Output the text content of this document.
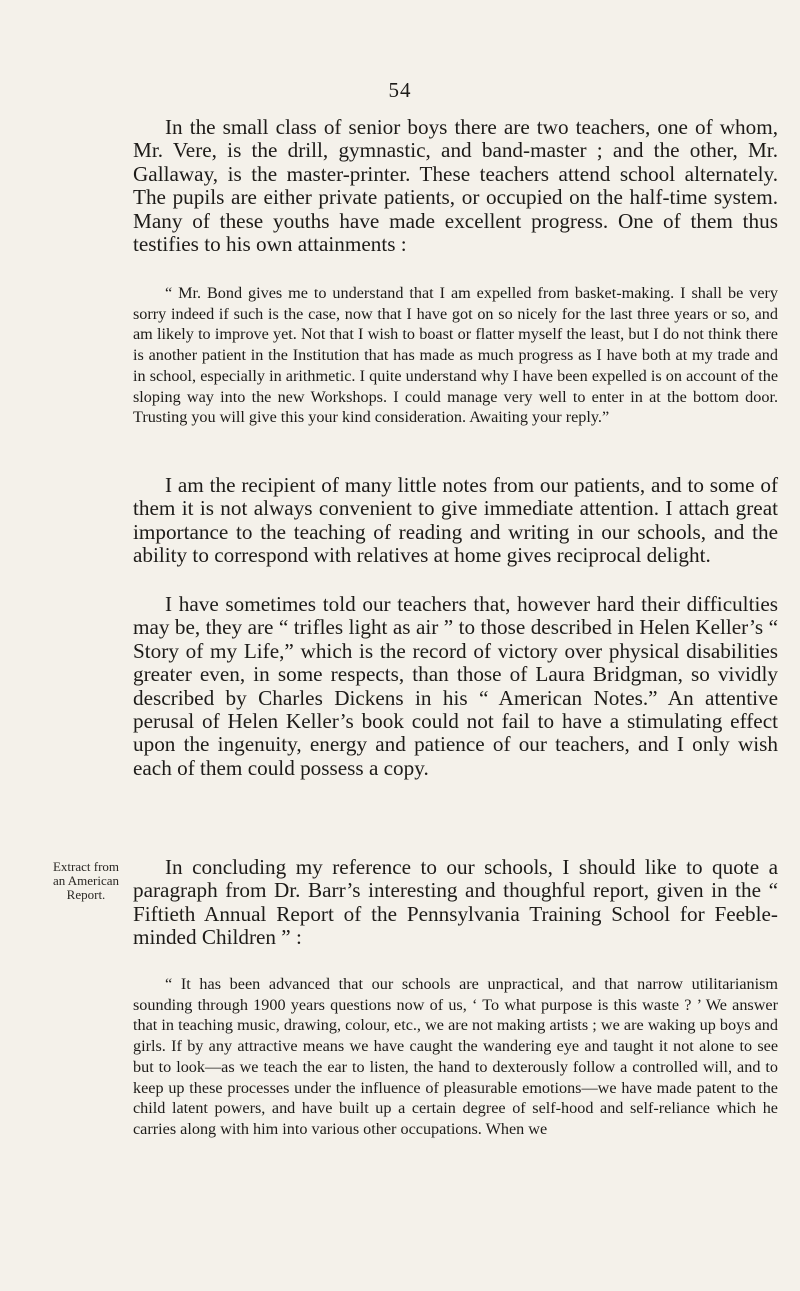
54
Extract from
an American
Report.

In the small class of senior boys there are two teachers, one of whom, Mr. Vere, is the drill, gymnastic, and band-master ; and the other, Mr. Gallaway, is the master-printer. These teachers attend school alternately. The pupils are either private patients, or occupied on the half-time system. Many of these youths have made excellent progress. One of them thus testifies to his own attainments :

“ Mr. Bond gives me to understand that I am expelled from basket-making. I shall be very sorry indeed if such is the case, now that I have got on so nicely for the last three years or so, and am likely to improve yet. Not that I wish to boast or flatter myself the least, but I do not think there is another patient in the Institution that has made as much progress as I have both at my trade and in school, especially in arithmetic. I quite understand why I have been expelled is on account of the sloping way into the new Workshops. I could manage very well to enter in at the bottom door. Trusting you will give this your kind consideration. Awaiting your reply.”

I am the recipient of many little notes from our patients, and to some of them it is not always convenient to give immediate attention. I attach great importance to the teaching of reading and writing in our schools, and the ability to correspond with relatives at home gives reciprocal delight.

I have sometimes told our teachers that, however hard their difficulties may be, they are “ trifles light as air ” to those described in Helen Keller’s “ Story of my Life,” which is the record of victory over physical disabilities greater even, in some respects, than those of Laura Bridgman, so vividly described by Charles Dickens in his “ American Notes.” An attentive perusal of Helen Keller’s book could not fail to have a stimulating effect upon the ingenuity, energy and patience of our teachers, and I only wish each of them could possess a copy.

In concluding my reference to our schools, I should like to quote a paragraph from Dr. Barr’s interesting and thoughful report, given in the “ Fiftieth Annual Report of the Pennsylvania Training School for Feeble-minded Children ” :

“ It has been advanced that our schools are unpractical, and that narrow utilitarianism sounding through 1900 years questions now of us, ‘ To what purpose is this waste ? ’ We answer that in teaching music, drawing, colour, etc., we are not making artists ; we are waking up boys and girls. If by any attractive means we have caught the wandering eye and taught it not alone to see but to look—as we teach the ear to listen, the hand to dexterously follow a controlled will, and to keep up these processes under the influence of pleasurable emotions—we have made patent to the child latent powers, and have built up a certain degree of self-hood and self-reliance which he carries along with him into various other occupations. When we
